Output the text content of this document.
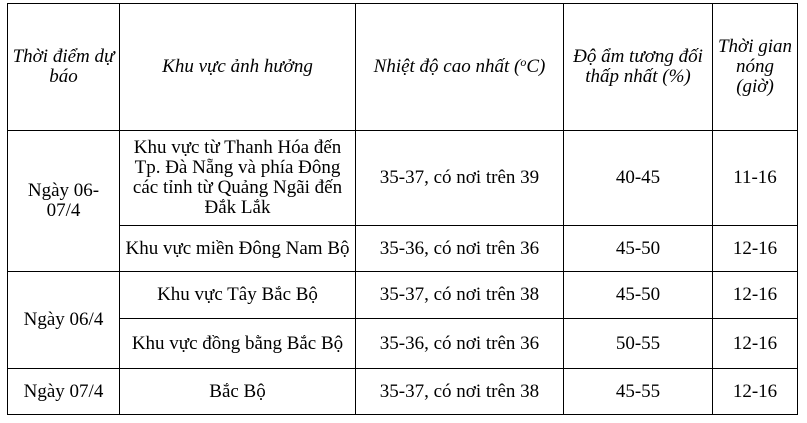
Thời điểm dự báo	Khu vực ảnh hưởng	Nhiệt độ cao nhất ($^o$C)	Độ ẩm tương đối thấp nhất (%)	Thời gian nóng (giờ)
Ngày 06-07/4	Khu vực từ Thanh Hóa đến Tp. Đà Nẵng và phía Đông các tỉnh từ Quảng Ngãi đến Đắk Lắk	35-37, có nơi trên 39	40-45	11-16
	Khu vực miền Đông Nam Bộ	35-36, có nơi trên 36	45-50	12-16
Ngày 06/4	Khu vực Tây Bắc Bộ	35-37, có nơi trên 38	45-50	12-16
	Khu vực đồng bằng Bắc Bộ	35-36, có nơi trên 36	50-55	12-16
Ngày 07/4	Bắc Bộ	35-37, có nơi trên 38	45-55	12-16
